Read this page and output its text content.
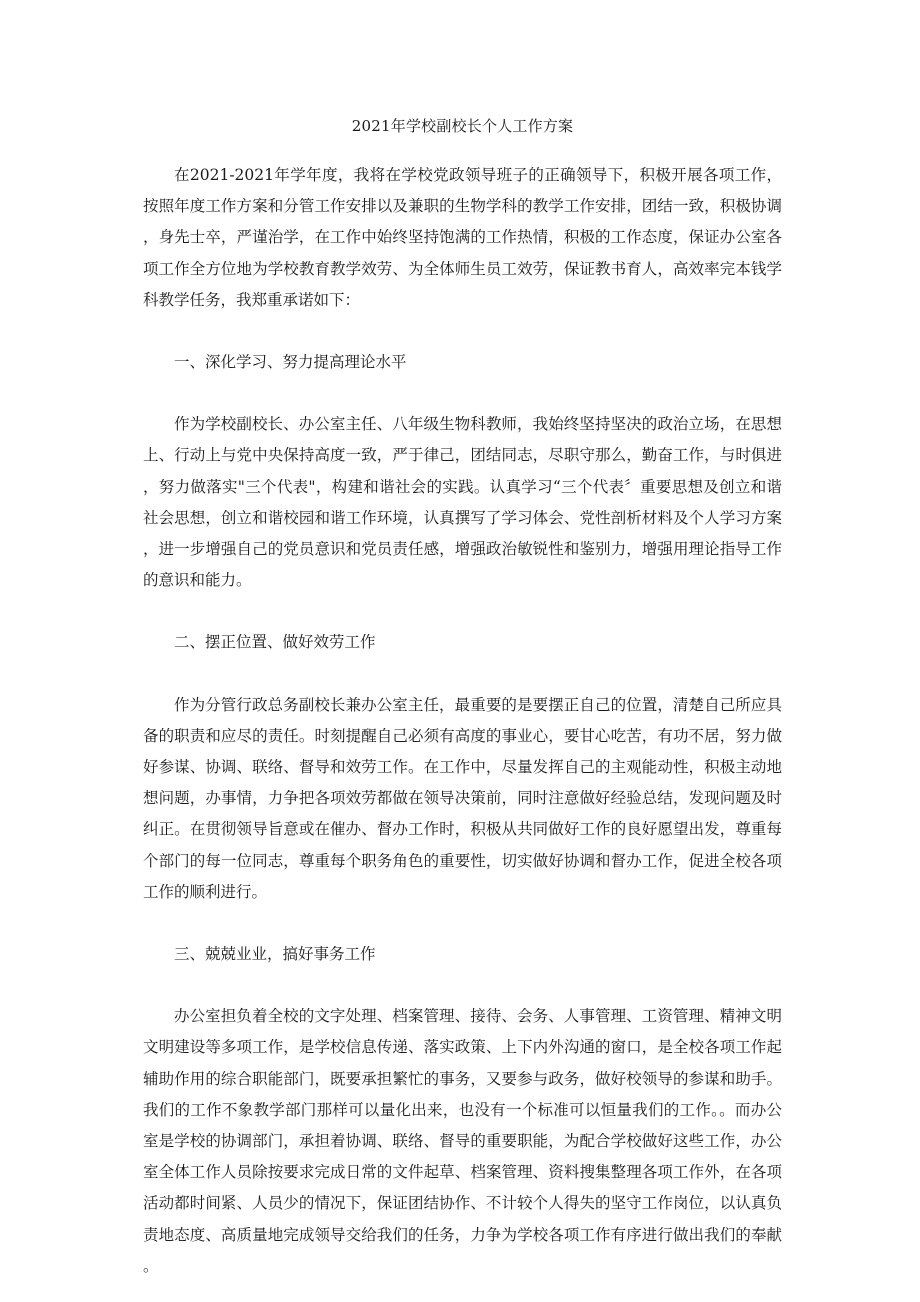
2021年学校副校长个人工作方案

在2021-2021年学年度，我将在学校党政领导班子的正确领导下，积极开展各项工作，按照年度工作方案和分管工作安排以及兼职的生物学科的教学工作安排，团结一致，积极协调，身先士卒，严谨治学，在工作中始终坚持饱满的工作热情，积极的工作态度，保证办公室各项工作全方位地为学校教育教学效劳、为全体师生员工效劳，保证教书育人，高效率完本钱学科教学任务，我郑重承诺如下：

一、深化学习、努力提高理论水平

作为学校副校长、办公室主任、八年级生物科教师，我始终坚持坚决的政治立场，在思想上、行动上与党中央保持高度一致，严于律己，团结同志，尽职守那么，勤奋工作，与时俱进，努力做落实"三个代表"，构建和谐社会的实践。认真学习“三个代表〞重要思想及创立和谐社会思想，创立和谐校园和谐工作环境，认真撰写了学习体会、党性剖析材料及个人学习方案，进一步增强自己的党员意识和党员责任感，增强政治敏锐性和鉴别力，增强用理论指导工作的意识和能力。

二、摆正位置、做好效劳工作

作为分管行政总务副校长兼办公室主任，最重要的是要摆正自己的位置，清楚自己所应具备的职责和应尽的责任。时刻提醒自己必须有高度的事业心，要甘心吃苦，有功不居，努力做好参谋、协调、联络、督导和效劳工作。在工作中，尽量发挥自己的主观能动性，积极主动地想问题，办事情，力争把各项效劳都做在领导决策前，同时注意做好经验总结，发现问题及时纠正。在贯彻领导旨意或在催办、督办工作时，积极从共同做好工作的良好愿望出发，尊重每个部门的每一位同志，尊重每个职务角色的重要性，切实做好协调和督办工作，促进全校各项工作的顺利进行。

三、兢兢业业，搞好事务工作

办公室担负着全校的文字处理、档案管理、接待、会务、人事管理、工资管理、精神文明文明建设等多项工作，是学校信息传递、落实政策、上下内外沟通的窗口，是全校各项工作起辅助作用的综合职能部门，既要承担繁忙的事务，又要参与政务，做好校领导的参谋和助手。我们的工作不象教学部门那样可以量化出来，也没有一个标准可以恒量我们的工作。。而办公室是学校的协调部门，承担着协调、联络、督导的重要职能，为配合学校做好这些工作，办公室全体工作人员除按要求完成日常的文件起草、档案管理、资料搜集整理各项工作外，在各项活动都时间紧、人员少的情况下，保证团结协作、不计较个人得失的坚守工作岗位，以认真负责地态度、高质量地完成领导交给我们的任务，力争为学校各项工作有序进行做出我们的奉献。
